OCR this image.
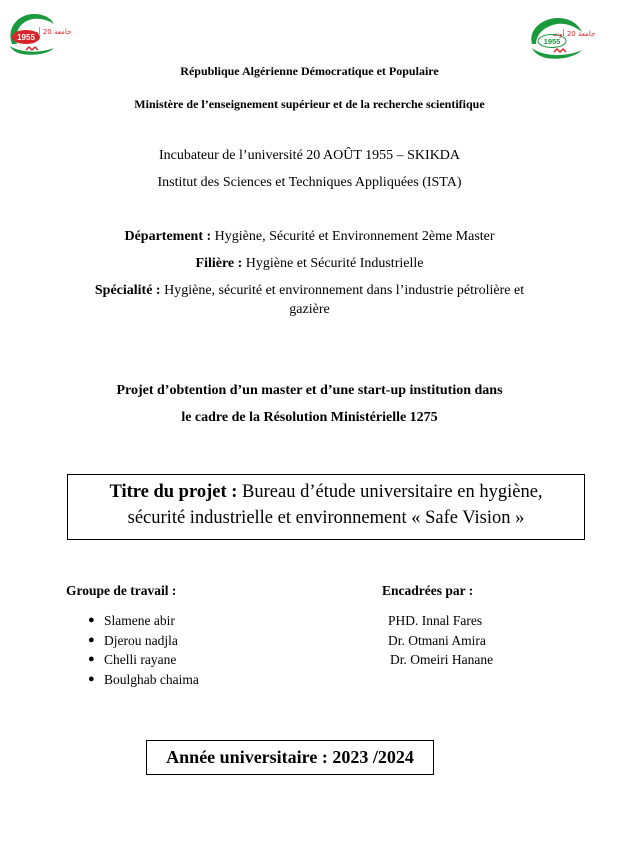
1955
جامعة 20 أوت
1955
جامعة 20 أوت
République Algérienne Démocratique et Populaire
Ministère de l’enseignement supérieur et de la recherche scientifique
Incubateur de l’université 20 AOÛT 1955 – SKIKDA
Institut des Sciences et Techniques Appliquées (ISTA)
Département : Hygiène, Sécurité et Environnement 2ème Master
Filière : Hygiène et Sécurité Industrielle
Spécialité : Hygiène, sécurité et environnement dans l’industrie pétrolière et
gazière
Projet d’obtention d’un master et d’une start-up institution dans
le cadre de la Résolution Ministérielle 1275
Titre du projet : Bureau d’étude universitaire en hygiène,
sécurité industrielle et environnement « Safe Vision »
Groupe de travail :
● Slamene abir
● Djerou nadjla
● Chelli rayane
● Boulghab chaima
Encadrées par :
PHD. Innal Fares
Dr. Otmani Amira
Dr. Omeiri Hanane
Année universitaire : 2023 /2024
